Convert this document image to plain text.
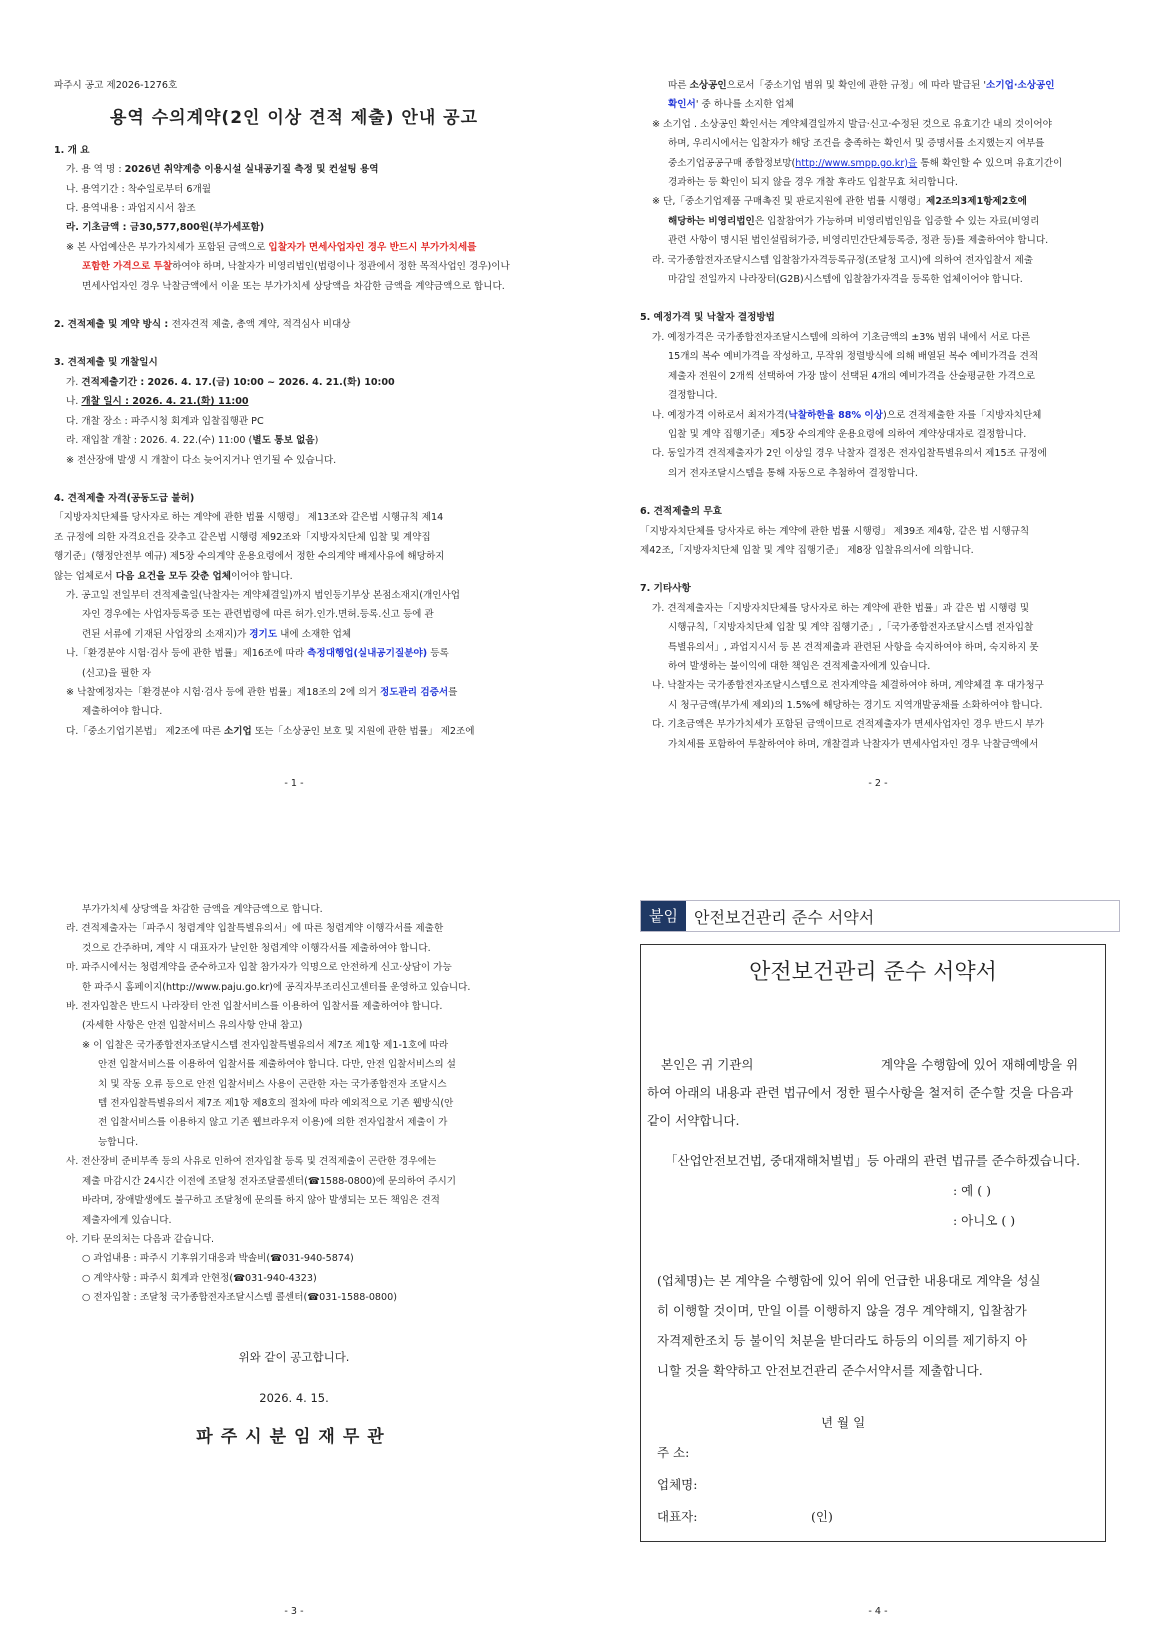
파주시 공고 제2026-1276호
용역 수의계약(2인 이상 견적 제출) 안내 공고
1. 개 요
가. 용 역 명 : 2026년 취약계층 이용시설 실내공기질 측정 및 컨설팅 용역
나. 용역기간 : 착수일로부터 6개월
다. 용역내용 : 과업지시서 참조
라. 기초금액 : 금30,577,800원(부가세포함)
※ 본 사업예산은 부가가치세가 포함된 금액으로 입찰자가 면세사업자인 경우 반드시 부가가치세를
포함한 가격으로 투찰하여야 하며, 낙찰자가 비영리법인(법령이나 정관에서 정한 목적사업인 경우)이나
면세사업자인 경우 낙찰금액에서 이윤 또는 부가가치세 상당액을 차감한 금액을 계약금액으로 합니다.
2. 견적제출 및 계약 방식 : 전자견적 제출, 총액 계약, 적격심사 비대상
3. 견적제출 및 개찰일시
가. 견적제출기간 : 2026. 4. 17.(금) 10:00 ~ 2026. 4. 21.(화) 10:00
나. 개찰 일시 : 2026. 4. 21.(화) 11:00
다. 개찰 장소 : 파주시청 회계과 입찰집행관 PC
라. 재입찰 개찰 : 2026. 4. 22.(수) 11:00 (별도 통보 없음)
※ 전산장애 발생 시 개찰이 다소 늦어지거나 연기될 수 있습니다.
4. 견적제출 자격(공동도급 불허)
「지방자치단체를 당사자로 하는 계약에 관한 법률 시행령」 제13조와 같은법 시행규칙 제14
조 규정에 의한 자격요건을 갖추고 같은법 시행령 제92조와「지방자치단체 입찰 및 계약집
행기준」(행정안전부 예규) 제5장 수의계약 운용요령에서 정한 수의계약 배제사유에 해당하지
않는 업체로서 다음 요건을 모두 갖춘 업체이어야 합니다.
가. 공고일 전일부터 견적제출일(낙찰자는 계약체결일)까지 법인등기부상 본점소재지(개인사업
자인 경우에는 사업자등록증 또는 관련법령에 따른 허가.인가.면허.등록.신고 등에 관
련된 서류에 기재된 사업장의 소재지)가 경기도 내에 소재한 업체
나.「환경분야 시험·검사 등에 관한 법률」제16조에 따라 측정대행업(실내공기질분야) 등록
(신고)을 필한 자
※ 낙찰예정자는「환경분야 시험·검사 등에 관한 법률」제18조의 2에 의거 정도관리 검증서를
제출하여야 합니다.
다.「중소기업기본법」 제2조에 따른 소기업 또는「소상공인 보호 및 지원에 관한 법률」 제2조에
- 1 -
따른 소상공인으로서「중소기업 범위 및 확인에 관한 규정」에 따라 발급된 '소기업·소상공인
확인서' 중 하나를 소지한 업체
※ 소기업 . 소상공인 확인서는 계약체결일까지 발급·신고·수정된 것으로 유효기간 내의 것이어야
하며, 우리시에서는 입찰자가 해당 조건을 충족하는 확인서 및 증명서를 소지했는지 여부를
중소기업공공구매 종합정보망(http://www.smpp.go.kr)을 통해 확인할 수 있으며 유효기간이
경과하는 등 확인이 되지 않을 경우 개찰 후라도 입찰무효 처리합니다.
※ 단,「중소기업제품 구매촉진 및 판로지원에 관한 법률 시행령」제2조의3제1항제2호에
해당하는 비영리법인은 입찰참여가 가능하며 비영리법인임을 입증할 수 있는 자료(비영리
관련 사항이 명시된 법인설립허가증, 비영리민간단체등록증, 정관 등)를 제출하여야 합니다.
라. 국가종합전자조달시스템 입찰참가자격등록규정(조달청 고시)에 의하여 전자입찰서 제출
마감일 전일까지 나라장터(G2B)시스템에 입찰참가자격을 등록한 업체이어야 합니다.
5. 예정가격 및 낙찰자 결정방법
가. 예정가격은 국가종합전자조달시스템에 의하여 기초금액의 ±3% 범위 내에서 서로 다른
15개의 복수 예비가격을 작성하고, 무작위 정렬방식에 의해 배열된 복수 예비가격을 견적
제출자 전원이 2개씩 선택하여 가장 많이 선택된 4개의 예비가격을 산술평균한 가격으로
결정합니다.
나. 예정가격 이하로서 최저가격(낙찰하한율 88% 이상)으로 견적제출한 자를「지방자치단체
입찰 및 계약 집행기준」제5장 수의계약 운용요령에 의하여 계약상대자로 결정합니다.
다. 동일가격 견적제출자가 2인 이상일 경우 낙찰자 결정은 전자입찰특별유의서 제15조 규정에
의거 전자조달시스템을 통해 자동으로 추첨하여 결정합니다.
6. 견적제출의 무효
「지방자치단체를 당사자로 하는 계약에 관한 법률 시행령」 제39조 제4항, 같은 법 시행규칙
제42조,「지방자치단체 입찰 및 계약 집행기준」 제8장 입찰유의서에 의합니다.
7. 기타사항
가. 견적제출자는「지방자치단체를 당사자로 하는 계약에 관한 법률」과 같은 법 시행령 및
시행규칙,「지방자치단체 입찰 및 계약 집행기준」,「국가종합전자조달시스템 전자입찰
특별유의서」, 과업지시서 등 본 견적제출과 관련된 사항을 숙지하여야 하며, 숙지하지 못
하여 발생하는 불이익에 대한 책임은 견적제출자에게 있습니다.
나. 낙찰자는 국가종합전자조달시스템으로 전자계약을 체결하여야 하며, 계약체결 후 대가청구
시 청구금액(부가세 제외)의 1.5%에 해당하는 경기도 지역개발공채를 소화하여야 합니다.
다. 기초금액은 부가가치세가 포함된 금액이므로 견적제출자가 면세사업자인 경우 반드시 부가
가치세를 포함하여 투찰하여야 하며, 개찰결과 낙찰자가 면세사업자인 경우 낙찰금액에서
- 2 -
부가가치세 상당액을 차감한 금액을 계약금액으로 합니다.
라. 견적제출자는「파주시 청렴계약 입찰특별유의서」에 따른 청렴계약 이행각서를 제출한
것으로 간주하며, 계약 시 대표자가 날인한 청렴계약 이행각서를 제출하여야 합니다.
마. 파주시에서는 청렴계약을 준수하고자 입찰 참가자가 익명으로 안전하게 신고·상담이 가능
한 파주시 홈페이지(http://www.paju.go.kr)에 공직자부조리신고센터를 운영하고 있습니다.
바. 전자입찰은 반드시 나라장터 안전 입찰서비스를 이용하여 입찰서를 제출하여야 합니다.
(자세한 사항은 안전 입찰서비스 유의사항 안내 참고)
※ 이 입찰은 국가종합전자조달시스템 전자입찰특별유의서 제7조 제1항 제1-1호에 따라
안전 입찰서비스를 이용하여 입찰서를 제출하여야 합니다. 다만, 안전 입찰서비스의 설
치 및 작동 오류 등으로 안전 입찰서비스 사용이 곤란한 자는 국가종합전자 조달시스
템 전자입찰특별유의서 제7조 제1항 제8호의 절차에 따라 예외적으로 기존 웹방식(안
전 입찰서비스를 이용하지 않고 기존 웹브라우저 이용)에 의한 전자입찰서 제출이 가
능합니다.
사. 전산장비 준비부족 등의 사유로 인하여 전자입찰 등록 및 견적제출이 곤란한 경우에는
제출 마감시간 24시간 이전에 조달청 전자조달콜센터(☎1588-0800)에 문의하여 주시기
바라며, 장애발생에도 불구하고 조달청에 문의를 하지 않아 발생되는 모든 책임은 견적
제출자에게 있습니다.
아. 기타 문의처는 다음과 같습니다.
○ 과업내용 : 파주시 기후위기대응과 박솔비(☎031-940-5874)
○ 계약사항 : 파주시 회계과 안현정(☎031-940-4323)
○ 전자입찰 : 조달청 국가종합전자조달시스템 콜센터(☎031-1588-0800)
위와 같이 공고합니다.
2026. 4. 15.
파주시분임재무관
- 3 -
붙임	안전보건관리 준수 서약서
안전보건관리 준수 서약서
본인은 귀 기관의	계약을 수행함에 있어 재해예방을 위
하여 아래의 내용과 관련 법규에서 정한 필수사항을 철저히 준수할 것을 다음과
같이 서약합니다.
「산업안전보건법, 중대재해처벌법」등 아래의 관련 법규를 준수하겠습니다.
: 예 ( )
: 아니오 ( )
(업체명)는 본 계약을 수행함에 있어 위에 언급한 내용대로 계약을 성실
히 이행할 것이며, 만일 이를 이행하지 않을 경우 계약해지, 입찰참가
자격제한조치 등 불이익 처분을 받더라도 하등의 이의를 제기하지 아
니할 것을 확약하고 안전보건관리 준수서약서를 제출합니다.
년 월 일
주 소:
업체명:
대표자:	(인)
- 4 -
